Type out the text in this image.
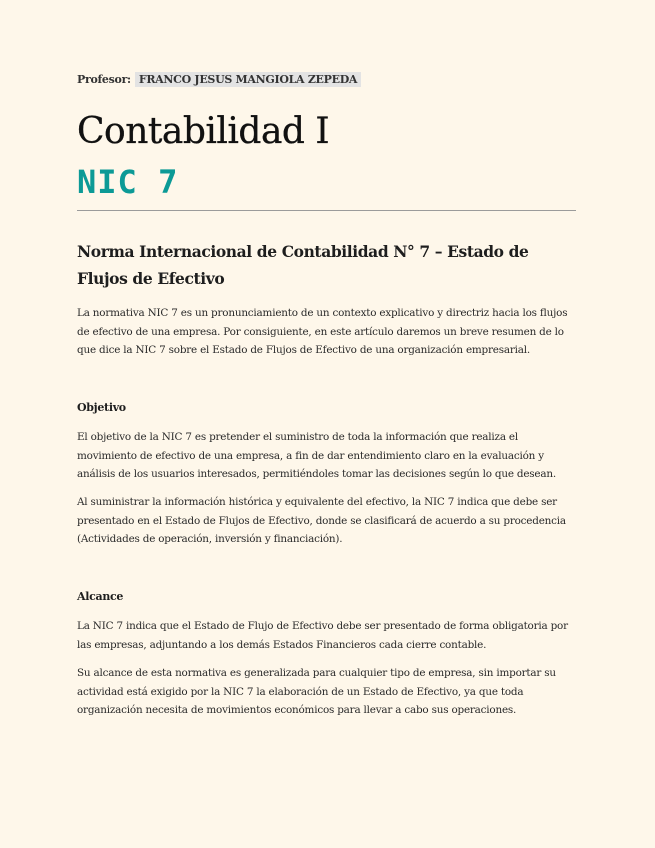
Profesor: FRANCO JESUS MANGIOLA ZEPEDA
Contabilidad I
NIC 7
Norma Internacional de Contabilidad N° 7 – Estado de Flujos de Efectivo

La normativa NIC 7 es un pronunciamiento de un contexto explicativo y directriz hacia los flujos de efectivo de una empresa. Por consiguiente, en este artículo daremos un breve resumen de lo que dice la NIC 7 sobre el Estado de Flujos de Efectivo de una organización empresarial.

Objetivo

El objetivo de la NIC 7 es pretender el suministro de toda la información que realiza el movimiento de efectivo de una empresa, a fin de dar entendimiento claro en la evaluación y análisis de los usuarios interesados, permitiéndoles tomar las decisiones según lo que desean.

Al suministrar la información histórica y equivalente del efectivo, la NIC 7 indica que debe ser presentado en el Estado de Flujos de Efectivo, donde se clasificará de acuerdo a su procedencia (Actividades de operación, inversión y financiación).

Alcance

La NIC 7 indica que el Estado de Flujo de Efectivo debe ser presentado de forma obligatoria por las empresas, adjuntando a los demás Estados Financieros cada cierre contable.

Su alcance de esta normativa es generalizada para cualquier tipo de empresa, sin importar su actividad está exigido por la NIC 7 la elaboración de un Estado de Efectivo, ya que toda organización necesita de movimientos económicos para llevar a cabo sus operaciones.
